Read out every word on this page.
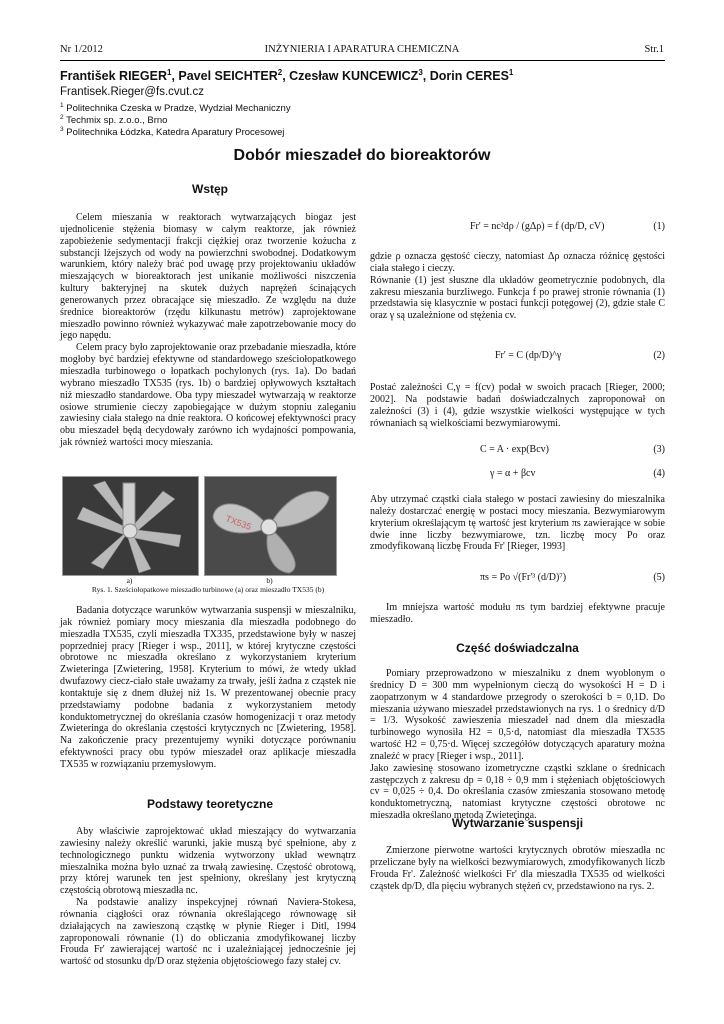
Nr 1/2012	INŻYNIERIA I APARATURA CHEMICZNA	Str.1
František RIEGER$^1$, Pavel SEICHTER$^2$, Czesław KUNCEWICZ$^3$, Dorin CERES$^1$
Frantisek.Rieger@fs.cvut.cz
$^1$ Politechnika Czeska w Pradze, Wydział Mechaniczny
$^2$ Techmix sp. z.o.o., Brno
$^3$ Politechnika Łódzka, Katedra Aparatury Procesowej
Dobór mieszadeł do bioreaktorów
Wstęp

Celem mieszania w reaktorach wytwarzających biogaz jest ujednolicenie stężenia biomasy w całym reaktorze, jak również zapobieżenie sedymentacji frakcji ciężkiej oraz tworzenie kożucha z substancji lżejszych od wody na powierzchni swobodnej. Dodatkowym warunkiem, który należy brać pod uwagę przy projektowaniu układów mieszających w bioreaktorach jest unikanie możliwości niszczenia kultury bakteryjnej na skutek dużych naprężeń ścinających generowanych przez obracające się mieszadło. Ze względu na duże średnice bioreaktorów (rzędu kilkunastu metrów) zaprojektowane mieszadło powinno również wykazywać małe zapotrzebowanie mocy do jego napędu.

Celem pracy było zaprojektowanie oraz przebadanie mieszadła, które mogłoby być bardziej efektywne od standardowego sześciołopatkowego mieszadła turbinowego o łopatkach pochylonych (rys. 1a). Do badań wybrano mieszadło TX535 (rys. 1b) o bardziej opływowych kształtach niż mieszadło standardowe. Oba typy mieszadeł wytwarzają w reaktorze osiowe strumienie cieczy zapobiegające w dużym stopniu zaleganiu zawiesiny ciała stałego na dnie reaktora. O końcowej efektywności pracy obu mieszadeł będą decydowały zarówno ich wydajności pompowania, jak również wartości mocy mieszania.

TX535
a)	b)
Rys. 1. Sześciołopatkowe mieszadło turbinowe (a) oraz mieszadło TX535 (b)

Badania dotyczące warunków wytwarzania suspensji w mieszalniku, jak również pomiary mocy mieszania dla mieszadła podobnego do mieszadła TX535, czyli mieszadła TX335, przedstawione były w naszej poprzedniej pracy [Rieger i wsp., 2011], w której krytyczne częstości obrotowe nc mieszadła określano z wykorzystaniem kryterium Zwieteringa [Zwietering, 1958]. Kryterium to mówi, że wtedy układ dwufazowy ciecz-ciało stałe uważamy za trwały, jeśli żadna z cząstek nie kontaktuje się z dnem dłużej niż 1s. W prezentowanej obecnie pracy przedstawiamy podobne badania z wykorzystaniem metody konduktometrycznej do określania czasów homogenizacji τ oraz metody Zwieteringa do określania częstości krytycznych nc [Zwietering, 1958]. Na zakończenie pracy prezentujemy wyniki dotyczące porównaniu efektywności pracy obu typów mieszadeł oraz aplikacje mieszadła TX535 w rozwiązaniu przemysłowym.

Podstawy teoretyczne

Aby właściwie zaprojektować układ mieszający do wytwarzania zawiesiny należy określić warunki, jakie muszą być spełnione, aby z technologicznego punktu widzenia wytworzony układ wewnątrz mieszalnika można było uznać za trwałą zawiesinę. Częstość obrotową, przy której warunek ten jest spełniony, określany jest krytyczną częstością obrotową mieszadła nc.

Na podstawie analizy inspekcyjnej równań Naviera-Stokesa, równania ciągłości oraz równania określającego równowagę sił działających na zawieszoną cząstkę w płynie Rieger i Ditl, 1994 zaproponowali równanie (1) do obliczania zmodyfikowanej liczby Frouda Fr' zawierającej wartość nc i uzależniającej jednocześnie jej wartość od stosunku dp/D oraz stężenia objętościowego fazy stałej cv.

Fr' = nc²dρ / (gΔρ) = f (dp/D, cV)	(1)

gdzie ρ oznacza gęstość cieczy, natomiast Δρ oznacza różnicę gęstości ciała stałego i cieczy.

Równanie (1) jest słuszne dla układów geometrycznie podobnych, dla zakresu mieszania burzliwego. Funkcja f po prawej stronie równania (1) przedstawia się klasycznie w postaci funkcji potęgowej (2), gdzie stałe C oraz γ są uzależnione od stężenia cv.

Fr' = C (dp/D)^γ	(2)

Postać zależności C,γ = f(cv) podał w swoich pracach [Rieger, 2000; 2002]. Na podstawie badań doświadczalnych zaproponował on zależności (3) i (4), gdzie wszystkie wielkości występujące w tych równaniach są wielkościami bezwymiarowymi.

C = A · exp(Bcv)	(3)
γ = α + βcv	(4)

Aby utrzymać cząstki ciała stałego w postaci zawiesiny do mieszalnika należy dostarczać energię w postaci mocy mieszania. Bezwymiarowym kryterium określającym tę wartość jest kryterium πs zawierające w sobie dwie inne liczby bezwymiarowe, tzn. liczbę mocy Po oraz zmodyfikowaną liczbę Frouda Fr' [Rieger, 1993]

πs = Po √(Fr'³ (d/D)⁷)	(5)

Im mniejsza wartość modułu πs tym bardziej efektywne pracuje mieszadło.

Część doświadczalna

Pomiary przeprowadzono w mieszalniku z dnem wyoblonym o średnicy D = 300 mm wypełnionym cieczą do wysokości H = D i zaopatrzonym w 4 standardowe przegrody o szerokości b = 0,1D. Do mieszania używano mieszadeł przedstawionych na rys. 1 o średnicy d/D = 1/3. Wysokość zawieszenia mieszadeł nad dnem dla mieszadła turbinowego wynosiła H2 = 0,5·d, natomiast dla mieszadła TX535 wartość H2 = 0,75·d. Więcej szczegółów dotyczących aparatury można znaleźć w pracy [Rieger i wsp., 2011].

Jako zawiesinę stosowano izometryczne cząstki szklane o średnicach zastępczych z zakresu dp = 0,18 ÷ 0,9 mm i stężeniach objętościowych cv = 0,025 ÷ 0,4. Do określania czasów zmieszania stosowano metodę konduktometryczną, natomiast krytyczne częstości obrotowe nc mieszadła określano metodą Zwieteringa.

Wytwarzanie suspensji

Zmierzone pierwotne wartości krytycznych obrotów mieszadła nc przeliczane były na wielkości bezwymiarowych, zmodyfikowanych liczb Frouda Fr'. Zależność wielkości Fr' dla mieszadła TX535 od wielkości cząstek dp/D, dla pięciu wybranych stężeń cv, przedstawiono na rys. 2.
